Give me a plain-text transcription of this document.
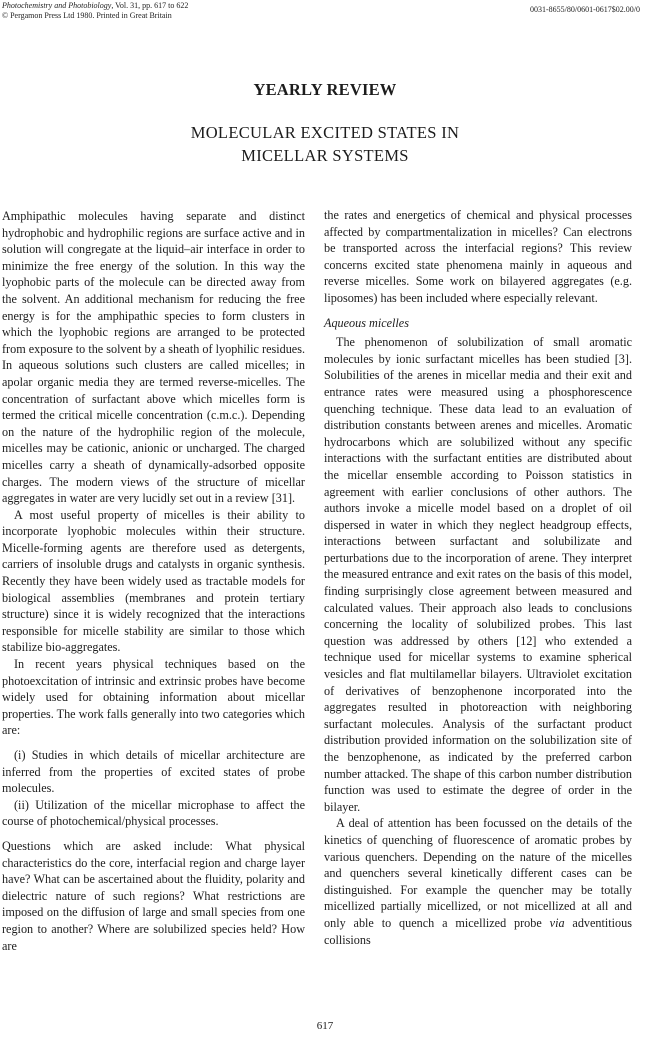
Photochemistry and Photobiology, Vol. 31, pp. 617 to 622
© Pergamon Press Ltd 1980. Printed in Great Britain
0031-8655/80/0601-0617$02.00/0
YEARLY REVIEW
MOLECULAR EXCITED STATES IN
MICELLAR SYSTEMS

Amphipathic molecules having separate and distinct hydrophobic and hydrophilic regions are surface active and in solution will congregate at the liquid–air interface in order to minimize the free energy of the solution. In this way the lyophobic parts of the molecule can be directed away from the solvent. An additional mechanism for reducing the free energy is for the amphipathic species to form clusters in which the lyophobic regions are arranged to be protected from exposure to the solvent by a sheath of lyophilic residues. In aqueous solutions such clusters are called micelles; in apolar organic media they are termed reverse-micelles. The concentration of surfactant above which micelles form is termed the critical micelle concentration (c.m.c.). Depending on the nature of the hydrophilic region of the molecule, micelles may be cationic, anionic or uncharged. The charged micelles carry a sheath of dynamically-adsorbed opposite charges. The modern views of the structure of micellar aggregates in water are very lucidly set out in a review [31].

A most useful property of micelles is their ability to incorporate lyophobic molecules within their structure. Micelle-forming agents are therefore used as detergents, carriers of insoluble drugs and catalysts in organic synthesis. Recently they have been widely used as tractable models for biological assemblies (membranes and protein tertiary structure) since it is widely recognized that the interactions responsible for micelle stability are similar to those which stabilize bio-aggregates.

In recent years physical techniques based on the photoexcitation of intrinsic and extrinsic probes have become widely used for obtaining information about micellar properties. The work falls generally into two categories which are:

(i) Studies in which details of micellar architecture are inferred from the properties of excited states of probe molecules.

(ii) Utilization of the micellar microphase to affect the course of photochemical/physical processes.

Questions which are asked include: What physical characteristics do the core, interfacial region and charge layer have? What can be ascertained about the fluidity, polarity and dielectric nature of such regions? What restrictions are imposed on the diffusion of large and small species from one region to another? Where are solubilized species held? How are

the rates and energetics of chemical and physical processes affected by compartmentalization in micelles? Can electrons be transported across the interfacial regions? This review concerns excited state phenomena mainly in aqueous and reverse micelles. Some work on bilayered aggregates (e.g. liposomes) has been included where especially relevant.

Aqueous micelles

The phenomenon of solubilization of small aromatic molecules by ionic surfactant micelles has been studied [3]. Solubilities of the arenes in micellar media and their exit and entrance rates were measured using a phosphorescence quenching technique. These data lead to an evaluation of distribution constants between arenes and micelles. Aromatic hydrocarbons which are solubilized without any specific interactions with the surfactant entities are distributed about the micellar ensemble according to Poisson statistics in agreement with earlier conclusions of other authors. The authors invoke a micelle model based on a droplet of oil dispersed in water in which they neglect headgroup effects, interactions between surfactant and solubilizate and perturbations due to the incorporation of arene. They interpret the measured entrance and exit rates on the basis of this model, finding surprisingly close agreement between measured and calculated values. Their approach also leads to conclusions concerning the locality of solubilized probes. This last question was addressed by others [12] who extended a technique used for micellar systems to examine spherical vesicles and flat multilamellar bilayers. Ultraviolet excitation of derivatives of benzophenone incorporated into the aggregates resulted in photoreaction with neighboring surfactant molecules. Analysis of the surfactant product distribution provided information on the solubilization site of the benzophenone, as indicated by the preferred carbon number attacked. The shape of this carbon number distribution function was used to estimate the degree of order in the bilayer.

A deal of attention has been focussed on the details of the kinetics of quenching of fluorescence of aromatic probes by various quenchers. Depending on the nature of the micelles and quenchers several kinetically different cases can be distinguished. For example the quencher may be totally micellized partially micellized, or not micellized at all and only able to quench a micellized probe via adventitious collisions

617
